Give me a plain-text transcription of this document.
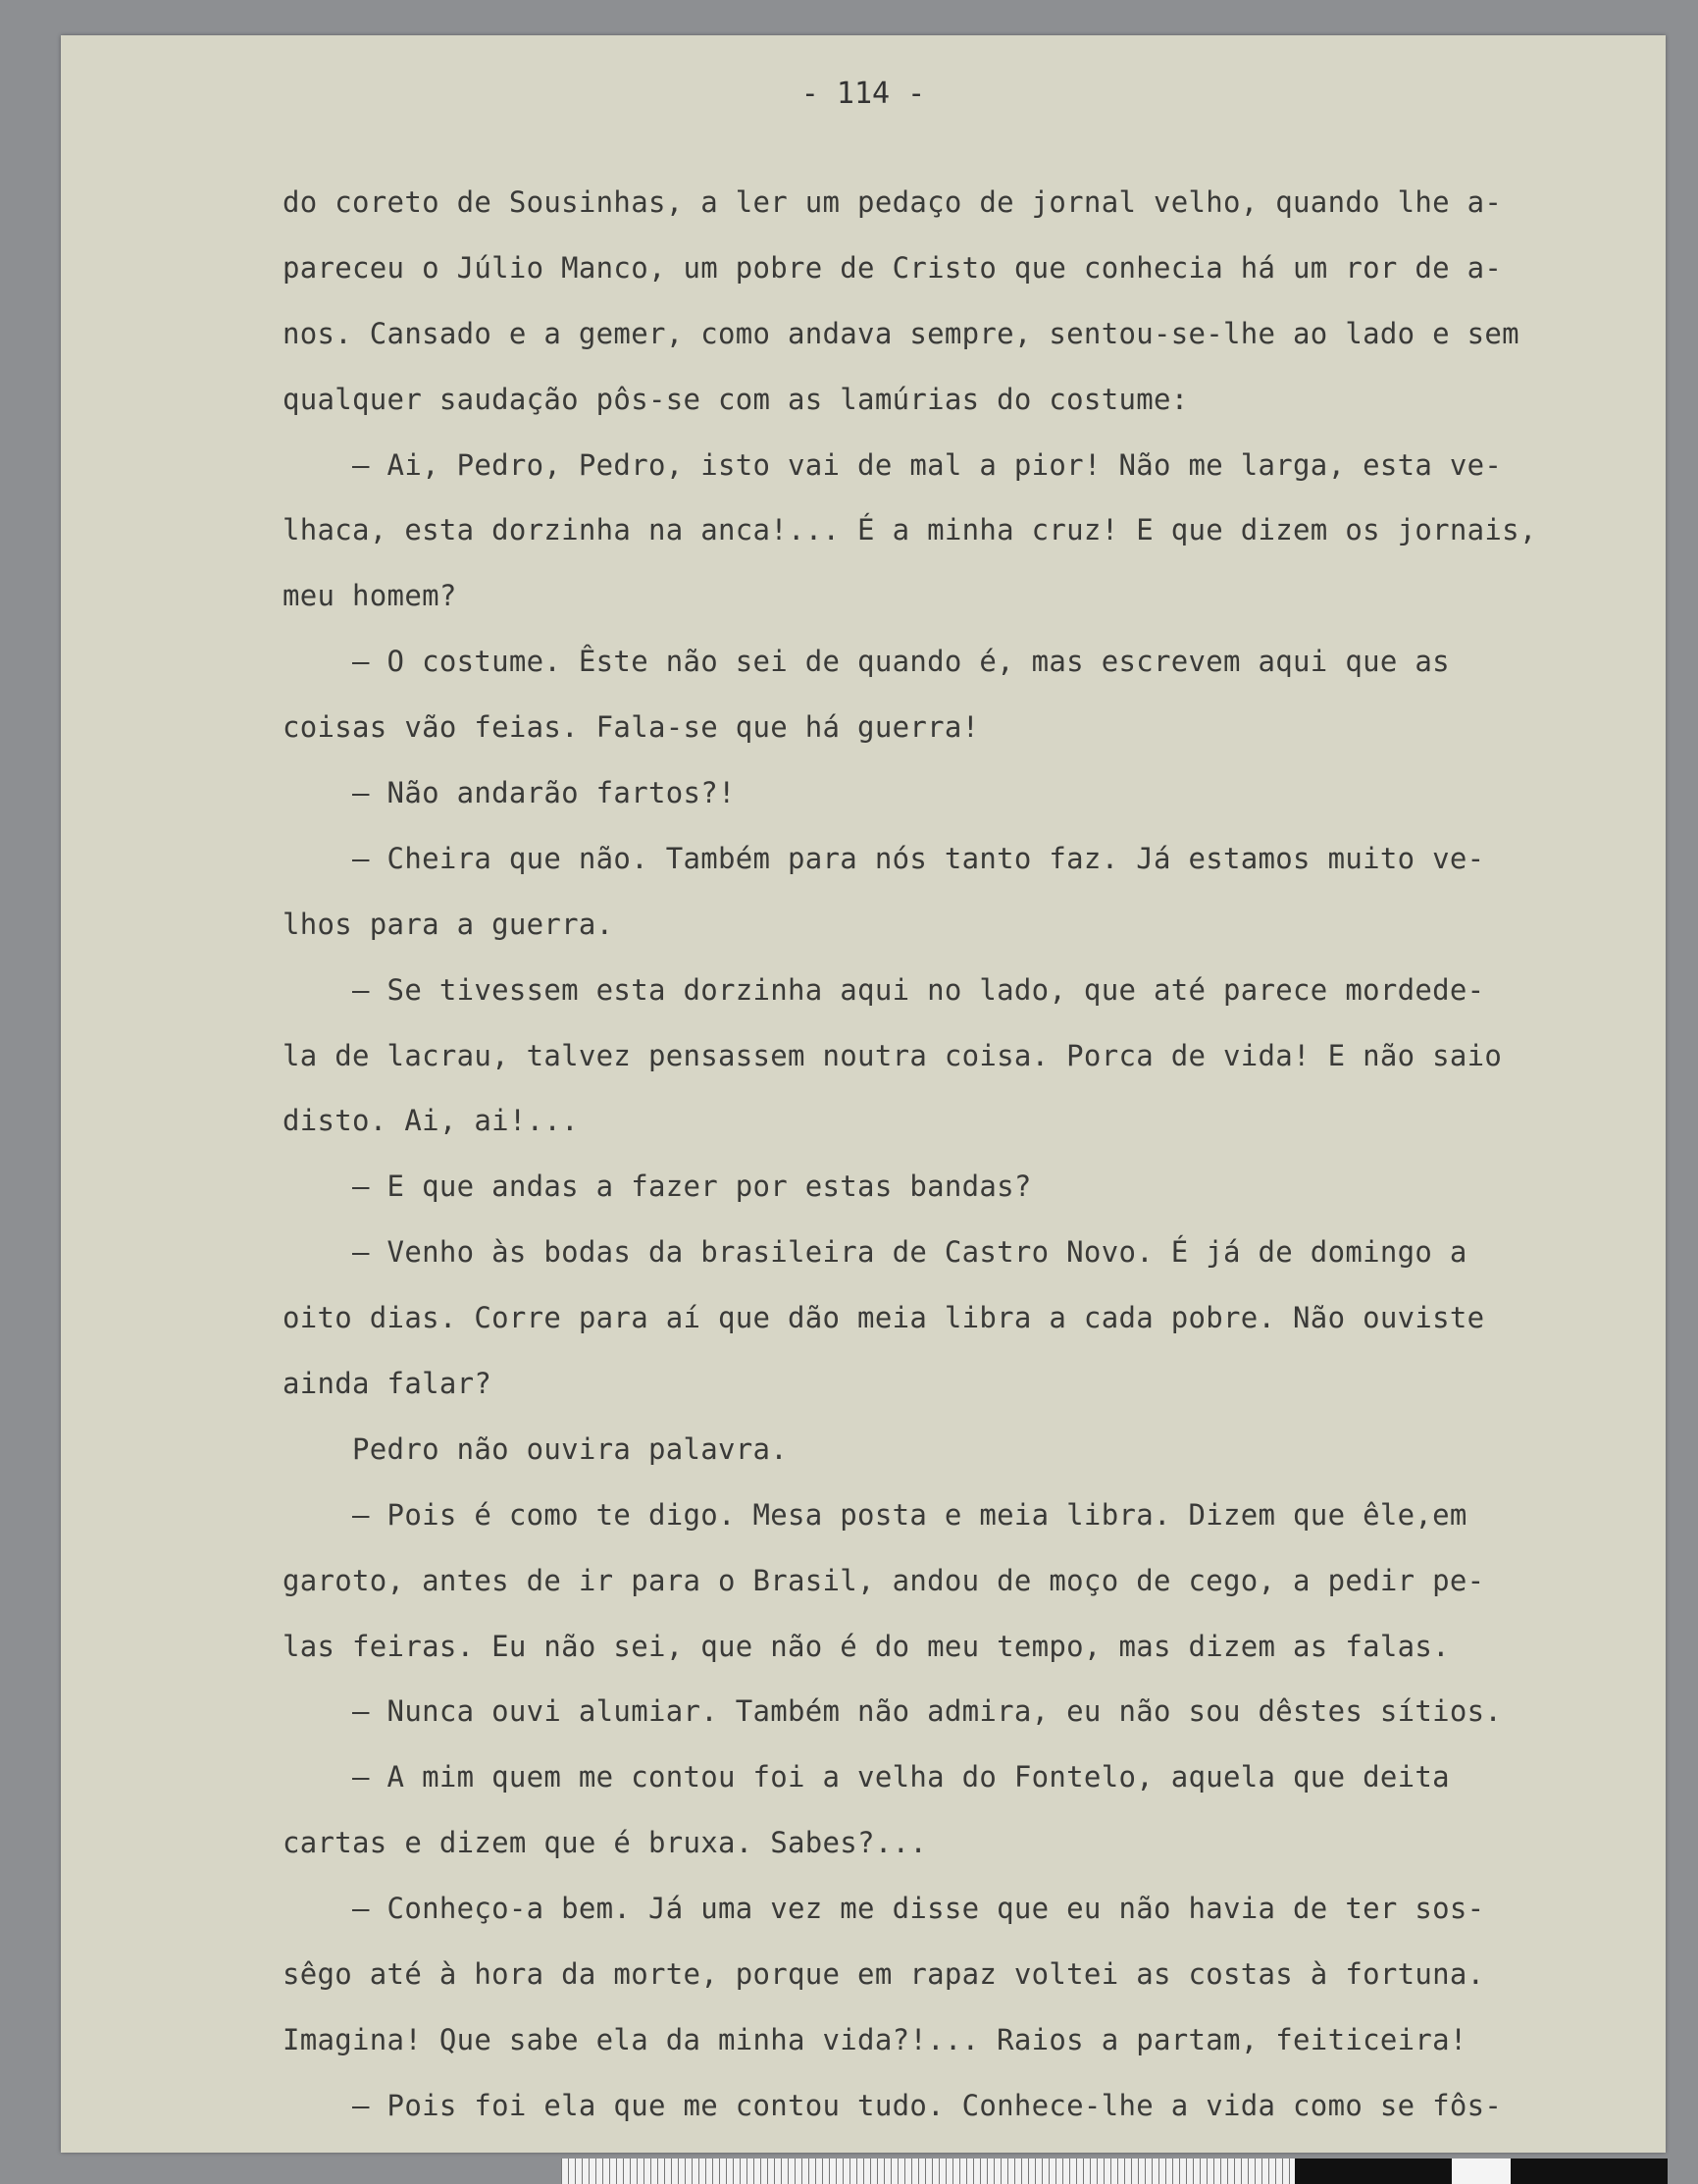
- 114 -
do coreto de Sousinhas, a ler um pedaço de jornal velho, quando lhe a-
pareceu o Júlio Manco, um pobre de Cristo que conhecia há um ror de a-
nos. Cansado e a gemer, como andava sempre, sentou-se-lhe ao lado e sem
qualquer saudação pôs-se com as lamúrias do costume:
— Ai, Pedro, Pedro, isto vai de mal a pior! Não me larga, esta ve-
lhaca, esta dorzinha na anca!... É a minha cruz! E que dizem os jornais,
meu homem?
— O costume. Êste não sei de quando é, mas escrevem aqui que as
coisas vão feias. Fala-se que há guerra!
— Não andarão fartos?!
— Cheira que não. Também para nós tanto faz. Já estamos muito ve-
lhos para a guerra.
— Se tivessem esta dorzinha aqui no lado, que até parece mordede-
la de lacrau, talvez pensassem noutra coisa. Porca de vida! E não saio
disto. Ai, ai!...
— E que andas a fazer por estas bandas?
— Venho às bodas da brasileira de Castro Novo. É já de domingo a
oito dias. Corre para aí que dão meia libra a cada pobre. Não ouviste
ainda falar?
Pedro não ouvira palavra.
— Pois é como te digo. Mesa posta e meia libra. Dizem que êle,em
garoto, antes de ir para o Brasil, andou de moço de cego, a pedir pe-
las feiras. Eu não sei, que não é do meu tempo, mas dizem as falas.
— Nunca ouvi alumiar. Também não admira, eu não sou dêstes sítios.
— A mim quem me contou foi a velha do Fontelo, aquela que deita
cartas e dizem que é bruxa. Sabes?...
— Conheço-a bem. Já uma vez me disse que eu não havia de ter sos-
sêgo até à hora da morte, porque em rapaz voltei as costas à fortuna.
Imagina! Que sabe ela da minha vida?!... Raios a partam, feiticeira!
— Pois foi ela que me contou tudo. Conhece-lhe a vida como se fôs-
